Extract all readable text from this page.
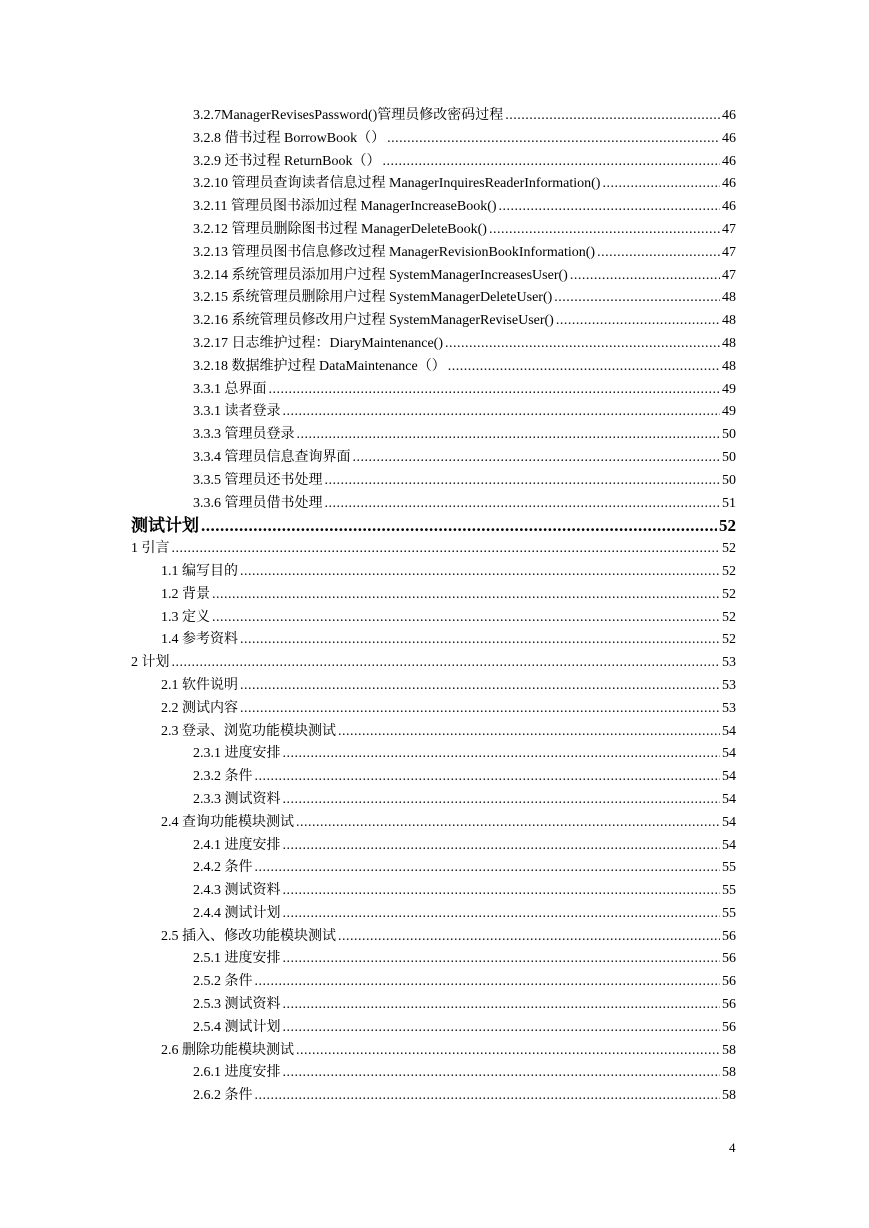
3.2.7ManagerRevisesPassword()管理员修改密码过程 .....	46
3.2.8 借书过程 BorrowBook（） .....	46
3.2.9 还书过程 ReturnBook（） .....	46
3.2.10 管理员查询读者信息过程 ManagerInquiresReaderInformation() .....	46
3.2.11 管理员图书添加过程 ManagerIncreaseBook() .....	46
3.2.12 管理员删除图书过程 ManagerDeleteBook() .....	47
3.2.13 管理员图书信息修改过程 ManagerRevisionBookInformation() .....	47
3.2.14 系统管理员添加用户过程 SystemManagerIncreasesUser() .....	47
3.2.15 系统管理员删除用户过程 SystemManagerDeleteUser() .....	48
3.2.16 系统管理员修改用户过程 SystemManagerReviseUser() .....	48
3.2.17 日志维护过程：DiaryMaintenance() .....	48
3.2.18 数据维护过程 DataMaintenance（） .....	48
3.3.1 总界面 .....	49
3.3.1 读者登录 .....	49
3.3.3 管理员登录 .....	50
3.3.4 管理员信息查询界面 .....	50
3.3.5 管理员还书处理 .....	50
3.3.6 管理员借书处理 .....	51
测试计划 .....	52
1 引言 .....	52
1.1 编写目的 .....	52
1.2 背景 .....	52
1.3 定义 .....	52
1.4 参考资料 .....	52
2 计划 .....	53
2.1 软件说明 .....	53
2.2 测试内容 .....	53
2.3 登录、浏览功能模块测试 .....	54
2.3.1 进度安排 .....	54
2.3.2 条件 .....	54
2.3.3 测试资料 .....	54
2.4 查询功能模块测试 .....	54
2.4.1 进度安排 .....	54
2.4.2 条件 .....	55
2.4.3 测试资料 .....	55
2.4.4 测试计划 .....	55
2.5 插入、修改功能模块测试 .....	56
2.5.1 进度安排 .....	56
2.5.2 条件 .....	56
2.5.3 测试资料 .....	56
2.5.4 测试计划 .....	56
2.6 删除功能模块测试 .....	58
2.6.1 进度安排 .....	58
2.6.2 条件 .....	58
4
